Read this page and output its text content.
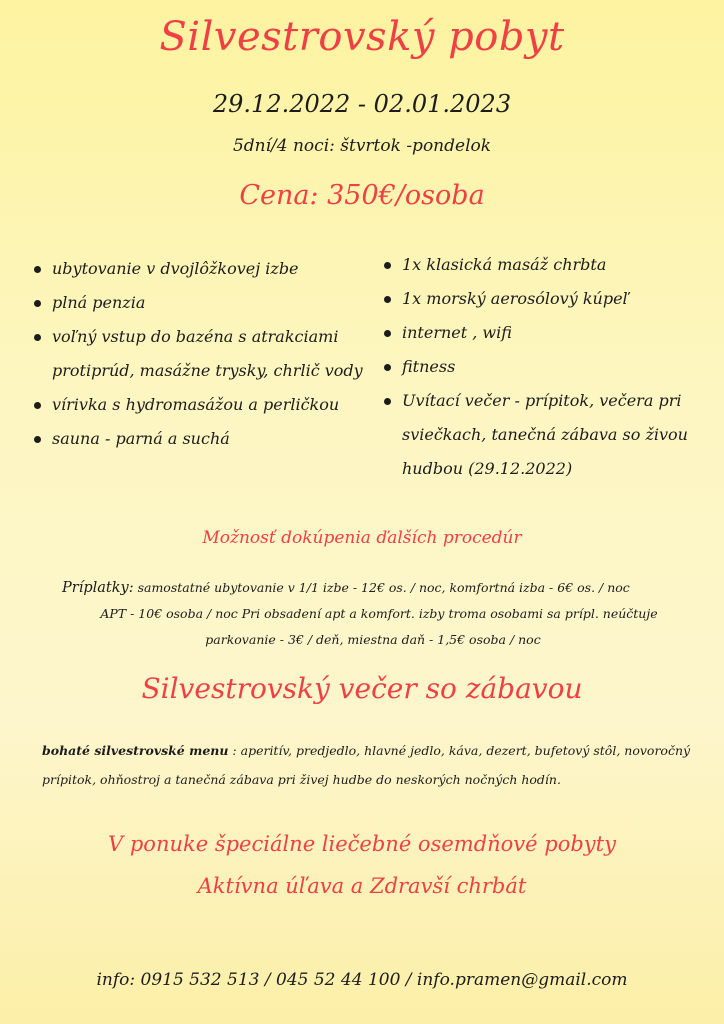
Silvestrovský pobyt
29.12.2022 - 02.01.2023
5dní/4 noci: štvrtok -pondelok
Cena: 350€/osoba
ubytovanie v dvojlôžkovej izbe
plná penzia
voľný vstup do bazéna s atrakciami protiprúd, masážne trysky, chrlič vody
vírivka s hydromasážou a perličkou
sauna - parná a suchá
1x klasická masáž chrbta
1x morský aerosólový kúpeľ
internet , wifi
fitness
Uvítací večer - prípitok, večera pri sviečkach, tanečná zábava so živou hudbou (29.12.2022)
Možnosť dokúpenia ďalších procedúr
Príplatky: samostatné ubytovanie v 1/1 izbe - 12€ os. / noc, komfortná izba - 6€ os. / noc
APT - 10€ osoba / noc Pri obsadení apt a komfort. izby troma osobami sa prípl. neúčtuje
parkovanie - 3€ / deň, miestna daň - 1,5€ osoba / noc
Silvestrovský večer so zábavou
bohaté silvestrovské menu : aperitív, predjedlo, hlavné jedlo, káva, dezert, bufetový stôl, novoročný prípitok, ohňostroj a tanečná zábava pri živej hudbe do neskorých nočných hodín.
V ponuke špeciálne liečebné osemdňové pobyty
Aktívna úľava a Zdravší chrbát
info: 0915 532 513 / 045 52 44 100 / info.pramen@gmail.com
